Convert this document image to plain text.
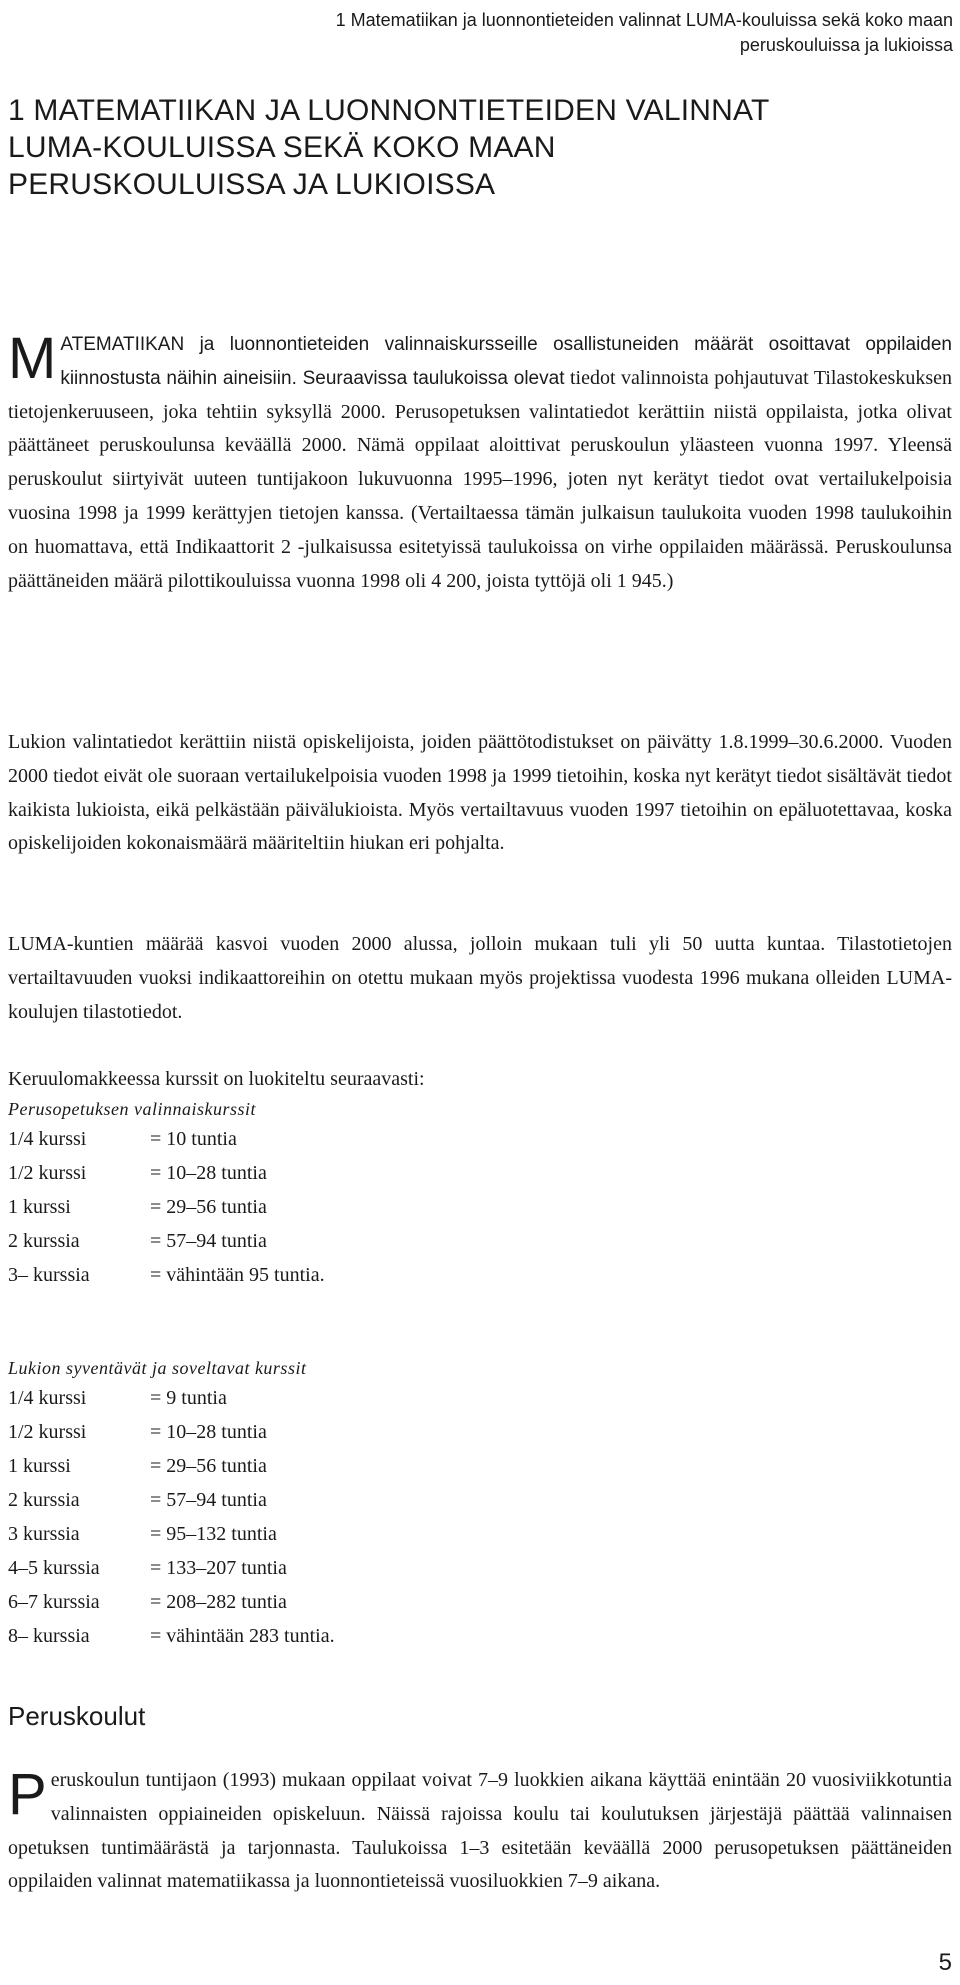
1 Matematiikan ja luonnontieteiden valinnat LUMA-kouluissa sekä koko maan

peruskouluissa ja lukioissa

1 MATEMATIIKAN JA LUONNONTIETEIDEN VALINNAT
LUMA-KOULUISSA SEKÄ KOKO MAAN
PERUSKOULUISSA JA LUKIOISSA

MATEMATIIKAN ja luonnontieteiden valinnaiskursseille osallistuneiden määrät osoittavat oppilaiden kiinnostusta näihin aineisiin. Seuraavissa taulukoissa olevat tiedot valinnoista pohjautuvat Tilastokeskuksen tietojenkeruuseen, joka tehtiin syksyllä 2000. Perusopetuksen valintatiedot kerättiin niistä oppilaista, jotka olivat päättäneet peruskoulunsa keväällä 2000. Nämä oppilaat aloittivat peruskoulun yläasteen vuonna 1997. Yleensä peruskoulut siirtyivät uuteen tuntijakoon lukuvuonna 1995–1996, joten nyt kerätyt tiedot ovat vertailukelpoisia vuosina 1998 ja 1999 kerättyjen tietojen kanssa. (Vertailtaessa tämän julkaisun taulukoita vuoden 1998 taulukoihin on huomattava, että Indikaattorit 2 -julkaisussa esitetyissä taulukoissa on virhe oppilaiden määrässä. Peruskoulunsa päättäneiden määrä pilottikouluissa vuonna 1998 oli 4 200, joista tyttöjä oli 1 945.)

Lukion valintatiedot kerättiin niistä opiskelijoista, joiden päättötodistukset on päivätty 1.8.1999–30.6.2000. Vuoden 2000 tiedot eivät ole suoraan vertailukelpoisia vuoden 1998 ja 1999 tietoihin, koska nyt kerätyt tiedot sisältävät tiedot kaikista lukioista, eikä pelkästään päivälukioista. Myös vertailtavuus vuoden 1997 tietoihin on epäluotettavaa, koska opiskelijoiden kokonaismäärä määriteltiin hiukan eri pohjalta.

LUMA-kuntien määrää kasvoi vuoden 2000 alussa, jolloin mukaan tuli yli 50 uutta kuntaa. Tilastotietojen vertailtavuuden vuoksi indikaattoreihin on otettu mukaan myös projektissa vuodesta 1996 mukana olleiden LUMA-koulujen tilastotiedot.

Keruulomakkeessa kurssit on luokiteltu seuraavasti:

Perusopetuksen valinnaiskurssit
1/4 kurssi	= 10 tuntia
1/2 kurssi	= 10–28 tuntia
1 kurssi	= 29–56 tuntia
2 kurssia	= 57–94 tuntia
3– kurssia	= vähintään 95 tuntia.
Lukion syventävät ja soveltavat kurssit
1/4 kurssi	= 9 tuntia
1/2 kurssi	= 10–28 tuntia
1 kurssi	= 29–56 tuntia
2 kurssia	= 57–94 tuntia
3 kurssia	= 95–132 tuntia
4–5 kurssia	= 133–207 tuntia
6–7 kurssia	= 208–282 tuntia
8– kurssia	= vähintään 283 tuntia.
Peruskoulut

Peruskoulun tuntijaon (1993) mukaan oppilaat voivat 7–9 luokkien aikana käyttää enintään 20 vuosiviikkotuntia valinnaisten oppiaineiden opiskeluun. Näissä rajoissa koulu tai koulutuksen järjestäjä päättää valinnaisen opetuksen tuntimäärästä ja tarjonnasta. Taulukoissa 1–3 esitetään keväällä 2000 perusopetuksen päättäneiden oppilaiden valinnat matematiikassa ja luonnontieteissä vuosiluokkien 7–9 aikana.

5
